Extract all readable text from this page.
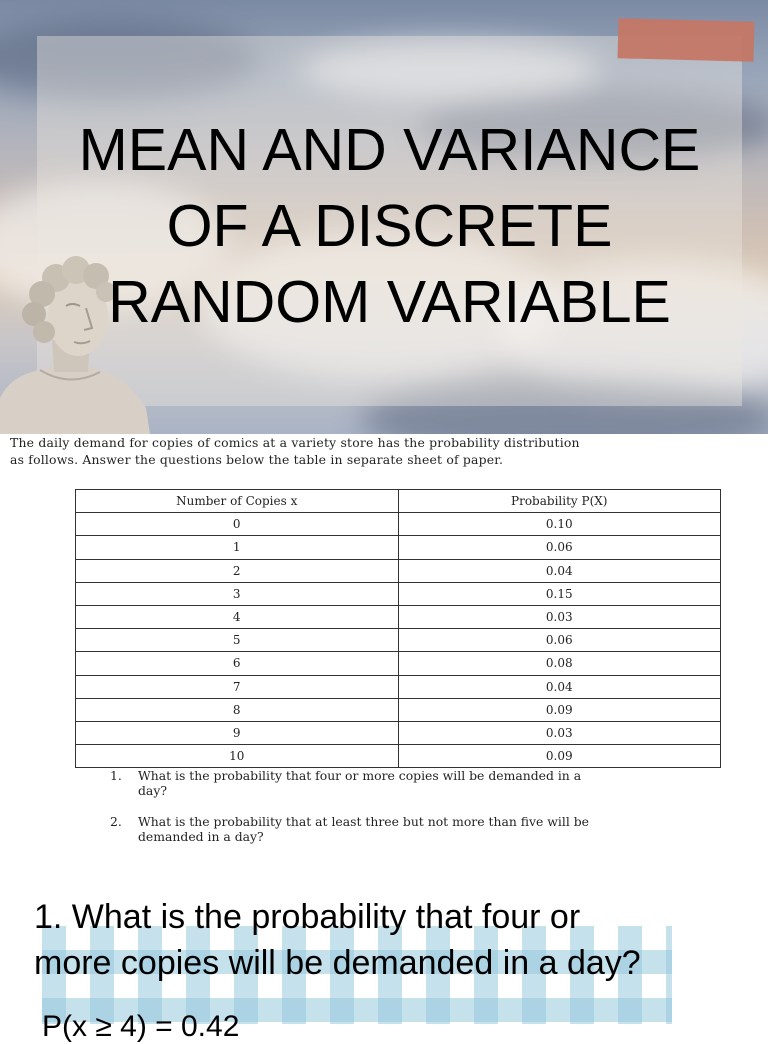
MEAN AND VARIANCE
OF A DISCRETE
RANDOM VARIABLE

The daily demand for copies of comics at a variety store has the probability distribution
as follows. Answer the questions below the table in separate sheet of paper.

Number of Copies x	Probability P(X)
0	0.10
1	0.06
2	0.04
3	0.15
4	0.03
5	0.06
6	0.08
7	0.04
8	0.09
9	0.03
10	0.09
1.	What is the probability that four or more copies will be demanded in a
day?
2.	What is the probability that at least three but not more than five will be
demanded in a day?

1. What is the probability that four or
more copies will be demanded in a day?

P(x ≥ 4) = 0.42
